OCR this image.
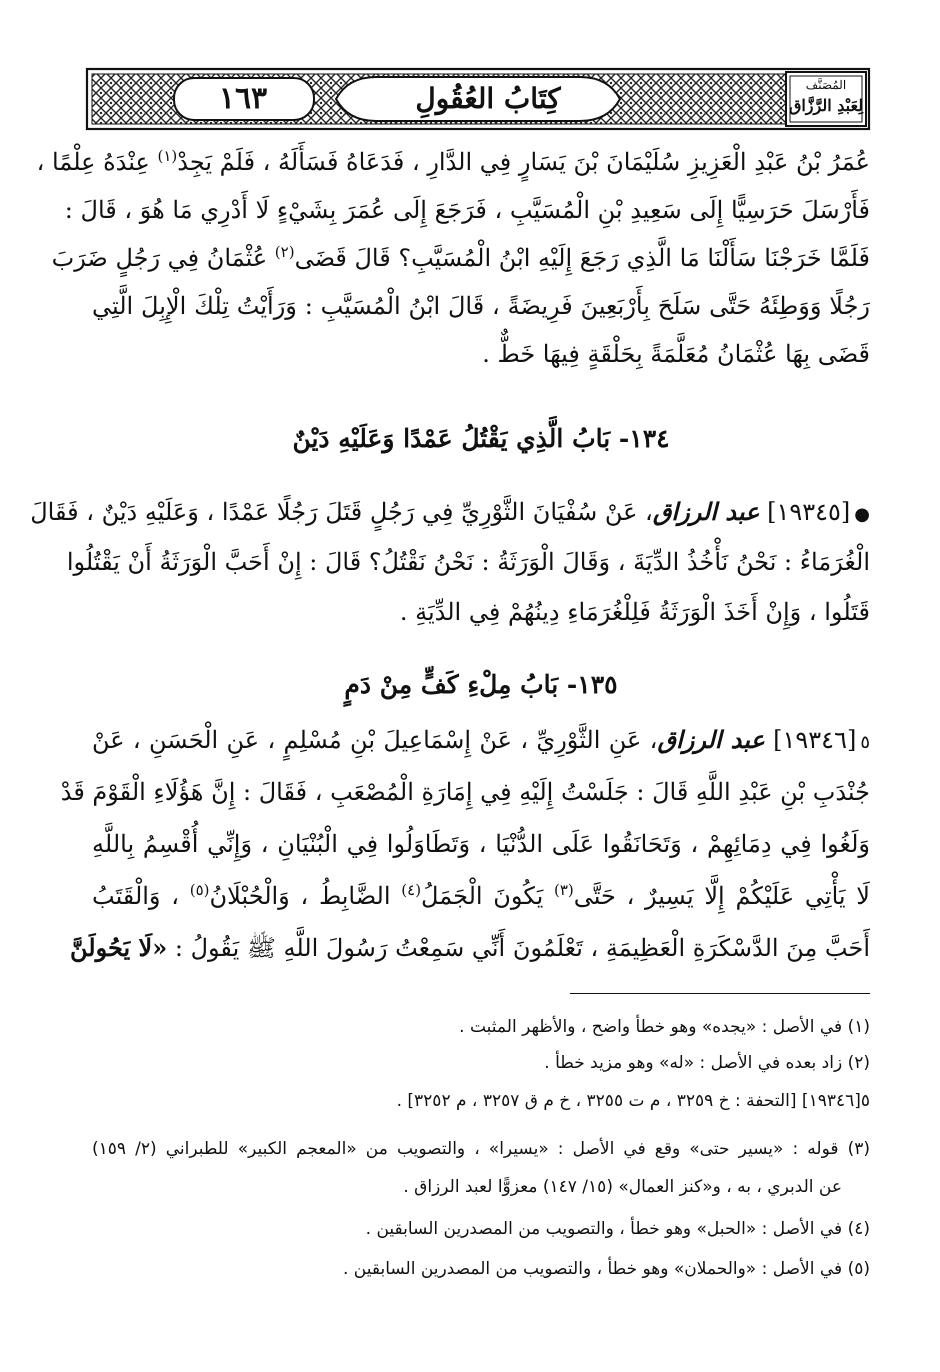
١٦٣	كِتَابُ العُقُولِ	المُصَنَّف
لِعَبْدِ الرَّزَّاق
عُمَرُ بْنُ عَبْدِ الْعَزِيزِ سُلَيْمَانَ بْنَ يَسَارٍ فِي الدَّارِ ، فَدَعَاهُ فَسَأَلَهُ ، فَلَمْ يَجِدْ$^{(١)}$ عِنْدَهُ عِلْمًا ،
فَأَرْسَلَ حَرَسِيًّا إِلَى سَعِيدِ بْنِ الْمُسَيَّبِ ، فَرَجَعَ إِلَى عُمَرَ بِشَيْءٍ لَا أَدْرِي مَا هُوَ ، قَالَ :
فَلَمَّا خَرَجْنَا سَأَلْنَا مَا الَّذِي رَجَعَ إِلَيْهِ ابْنُ الْمُسَيَّبِ؟ قَالَ قَضَى$^{(٢)}$ عُثْمَانُ فِي رَجُلٍ ضَرَبَ
رَجُلًا وَوَطِئَهُ حَتَّى سَلَحَ بِأَرْبَعِينَ فَرِيضَةً ، قَالَ ابْنُ الْمُسَيَّبِ : وَرَأَيْتُ تِلْكَ الْإِبِلَ الَّتِي
قَضَى بِهَا عُثْمَانُ مُعَلَّمَةً بِحَلْقَةٍ فِيهَا خَطٌّ .
١٣٤- بَابُ الَّذِي يَقْتُلُ عَمْدًا وَعَلَيْهِ دَيْنٌ
●[١٩٣٤٥] عبد الرزاق، عَنْ سُفْيَانَ الثَّوْرِيِّ فِي رَجُلٍ قَتَلَ رَجُلًا عَمْدًا ، وَعَلَيْهِ دَيْنٌ ، فَقَالَ
الْغُرَمَاءُ : نَحْنُ نَأْخُذُ الدِّيَةَ ، وَقَالَ الْوَرَثَةُ : نَحْنُ نَقْتُلُ؟ قَالَ : إِنْ أَحَبَّ الْوَرَثَةُ أَنْ يَقْتُلُوا
قَتَلُوا ، وَإِنْ أَخَذَ الْوَرَثَةُ فَلِلْغُرَمَاءِ دِينُهُمْ فِي الدِّيَةِ .
١٣٥- بَابُ مِلْءِ كَفٍّ مِنْ دَمٍ
٥[١٩٣٤٦] عبد الرزاق، عَنِ الثَّوْرِيِّ ، عَنْ إِسْمَاعِيلَ بْنِ مُسْلِمٍ ، عَنِ الْحَسَنِ ، عَنْ
جُنْدَبِ بْنِ عَبْدِ اللَّهِ قَالَ : جَلَسْتُ إِلَيْهِ فِي إِمَارَةِ الْمُصْعَبِ ، فَقَالَ : إِنَّ هَؤُلَاءِ الْقَوْمَ قَدْ
وَلَغُوا فِي دِمَائِهِمْ ، وَتَحَانَقُوا عَلَى الدُّنْيَا ، وَتَطَاوَلُوا فِي الْبُنْيَانِ ، وَإِنِّي أُقْسِمُ بِاللَّهِ
لَا يَأْتِي عَلَيْكُمْ إِلَّا يَسِيرٌ ، حَتَّى$^{(٣)}$ يَكُونَ الْجَمَلُ$^{(٤)}$ الضَّابِطُ ، وَالْحُبْلَانُ$^{(٥)}$ ، وَالْقَتَبُ
أَحَبَّ مِنَ الدَّسْكَرَةِ الْعَظِيمَةِ ، تَعْلَمُونَ أَنِّي سَمِعْتُ رَسُولَ اللَّهِ ﷺ يَقُولُ : «لَا يَحُولَنَّ
(١) في الأصل : «يجده» وهو خطأ واضح ، والأظهر المثبت .
(٢) زاد بعده في الأصل : «له» وهو مزيد خطأ .
٥[١٩٣٤٦] [التحفة : خ ٣٢٥٩ ، م ت ٣٢٥٥ ، خ م ق ٣٢٥٧ ، م ٣٢٥٢] .
(٣) قوله : «يسير حتى» وقع في الأصل : «يسيرا» ، والتصويب من «المعجم الكبير» للطبراني (٢/ ١٥٩)
عن الدبري ، به ، و«كنز العمال» (١٥/ ١٤٧) معزوًّا لعبد الرزاق .
(٤) في الأصل : «الحبل» وهو خطأ ، والتصويب من المصدرين السابقين .
(٥) في الأصل : «والحملان» وهو خطأ ، والتصويب من المصدرين السابقين .
